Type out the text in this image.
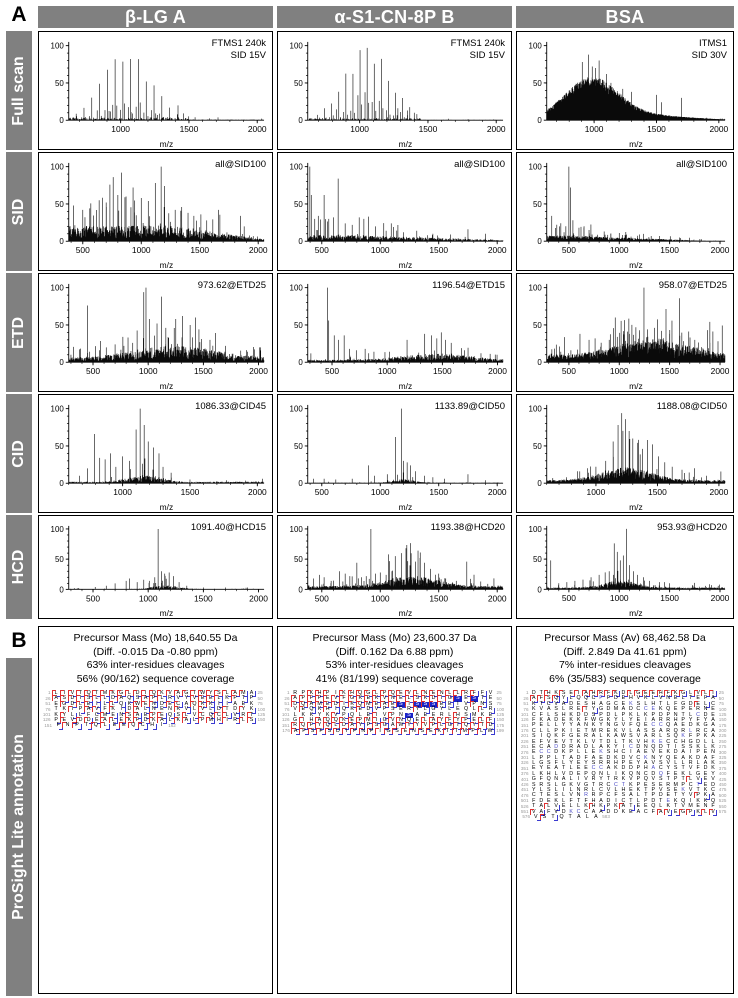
A	β-LG A	α-S1-CN-8P B	BSA
Full scan
SID
ETD
CID
HCD
100
50
0
1000	1500	2000
m/z
FTMS1 240k
SID 15V
100
50
0
1000	1500	2000
m/z
FTMS1 240k
SID 15V
100
50
0
1000	1500	2000
m/z
ITMS1
SID 30V
100
50
0
500	1000	1500	2000
m/z
all@SID100	100
50
0
500	1000	1500	2000
m/z
all@SID100	100
50
0
500	1000	1500	2000
m/z
all@SID100
100
50
0
500	1000	1500	2000
m/z
973.62@ETD25	100
50
0
500	1000	1500	2000
m/z
1196.54@ETD15	100
50
0
500	1000	1500	2000
m/z
958.07@ETD25
100
50
0
1000	1500	2000
m/z
1086.33@CID45	100
50
0
500	1000	1500	2000
m/z
1133.89@CID50	100
50
0
1000	1500	2000
m/z
1188.08@CID50
100
50
0
500	1000	1500	2000
m/z
1091.40@HCD15	100
50
0
500	1000	1500	2000
m/z
1193.38@HCD20	100
50
0
500	1000	1500	2000
m/z
953.93@HCD20
B
ProSight Lite annotation
Precursor Mass (Mo) 18,640.55 Da
(Diff. -0.015 Da -0.80 ppm)
63% inter-residues cleavages
56% (90/162) sequence coverage
1 L	I	V T Q T M K G L D	I	Q K V A G T W Y S L A M A 25
26 A S D	I	S L L D A Q S A P L R V Y V E E L K P T P 50
51 E G D L E	I	L L Q K W E N D E C A Q K K	I	I	A E K 75
76 T K	I	P A V F K	I	D A L N E N K V L V L D T D Y K 100
101 K Y L L F C M E N S A E P E Q S L V C Q C L V R T 125
126 P E V D D E A L E K F D K A L K A L P M H	I	R L S 150
151 F	N	P	T	Q	L	E	E	Q	C	H	I	162
Precursor Mass (Mo) 23,600.37 Da
(Diff. 0.162 Da 6.88 ppm)
53% inter-residues cleavages
41% (81/199) sequence coverage
1 R P K H P	I	K H Q G L P Q E V L N E N L L R F F V 25
26 A P F P E V F G K E K V N E L S K D	I	G S E S T E 50
51 D Q A M E D	I	K Q M E A E S	I	S S S E E	I	V P N S 75
76 V E Q K H	I	Q K E D V P S E R Y L G Y L E Q L L R 100
101 L K K Y K V P Q L E	I	V P N S A E E R L H S M K E 125
126 G	I	H A Q Q K E P M I	G V N Q E L A Y F Y P E L F 150
151 R Q F Y Q L D A Y P S G A W Y Y V P L G T Q Y T D 175
176 A P S F S D	I	P N P	I	G S E N S E K T T M P L W 199
Precursor Mass (Av) 68,462.58 Da
(Diff. 2.849 Da 41.61 ppm)
7% inter-residues cleavages
6% (35/583) sequence coverage
1 D T H K S E I A H R F K D L G E E H F K G L V L I	25
26 A F S Q Y L Q Q C P F D E H V K L V N E L T E F A 50
51 K T C V A D E S H A G C E K S L H T L F G D E L C 75
76 K V A S L R E T Y G D M A D C C E K Q E P E R N E 100
101 C F L S H K D D S P D L P K L K P D P N T L C D E 125
126 F K A D E K K F W G K Y L Y E I A R R H P Y F Y A 150
151 P E L L Y Y A N K Y N G V F Q E C C Q A E D K G A 175
176 C L L P K I E T M R E K V L A S S A R Q R L R C A 200
201 S I Q K F G E R A L K A W S V A R L S Q K F P K A 225
226 E F V E V T K L V T D L T K V H K E C C H G D L L 250
251 E C A D D R A D L A K Y I C D N Q D T I S S K L K 275
276 E C C D K P L L E K S H C I A E V E K D A I P E N 300
301 L P P L T A D F A E D K D V C K N Y Q E A K D A F 325
326 L G S F L Y E Y S R R H P E Y A V S V L L R L A K 350
351 E Y E A T L E E C C A K D D P H A C Y S T V F D K 375
376 L K H L V D E P Q N L I K Q N C D Q F E K L G E Y 400
401 G F Q N A L I V R Y T R K V P Q V S T P T L V E V 425
426 S R S L G K V G T R C C T K P E S E R M P C T E D 450
451 Y L S L I L N R L C V L H E K T P V S E K V T K C 475
476 C T E S L V N R R P C F S A L T P D E T Y V P K A 500
501 F D E K L F T F H A D I C T L P D T E K Q I K K Q 525
526 T A L V E L L K H K P K A T E E Q L K T V M E N F 550
551 V A F V D K C C A A D D K E A C F A V E G P K L V 575
576 V S T Q T A	L	A 583
